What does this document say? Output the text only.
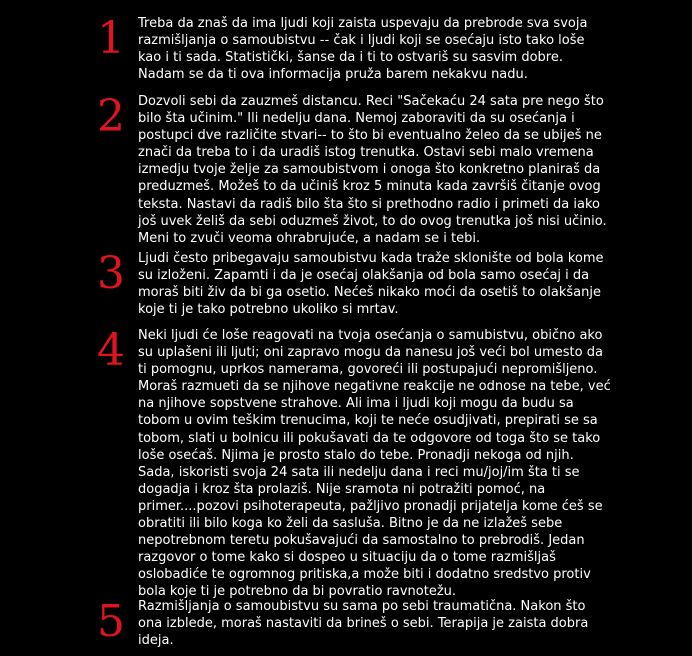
1	Treba da znaš da ima ljudi koji zaista uspevaju da prebrode sva svoja
razmišljanja o samoubistvu -- čak i ljudi koji se osećaju isto tako loše
kao i ti sada. Statistički, šanse da i ti to ostvariš su sasvim dobre.
Nadam se da ti ova informacija pruža barem nekakvu nadu.

2	Dozvoli sebi da zauzmeš distancu. Reci "Sačekaću 24 sata pre nego što
bilo šta učinim." Ili nedelju dana. Nemoj zaboraviti da su osećanja i
postupci dve različite stvari-- to što bi eventualno želeo da se ubiješ ne
znači da treba to i da uradiš istog trenutka. Ostavi sebi malo vremena
izmedju tvoje želje za samoubistvom i onoga što konkretno planiraš da
preduzmeš. Možeš to da učiniš kroz 5 minuta kada završiš čitanje ovog
teksta. Nastavi da radiš bilo šta što si prethodno radio i primeti da iako
još uvek želiš da sebi oduzmeš život, to do ovog trenutka još nisi učinio.
Meni to zvuči veoma ohrabrujuće, a nadam se i tebi.

3	Ljudi često pribegavaju samoubistvu kada traže sklonište od bola kome
su izloženi. Zapamti i da je osećaj olakšanja od bola samo osećaj i da
moraš biti živ da bi ga osetio. Nećeš nikako moći da osetiš to olakšanje
koje ti je tako potrebno ukoliko si mrtav.

4	Neki ljudi će loše reagovati na tvoja osećanja o samubistvu, obično ako
su uplašeni ili ljuti; oni zapravo mogu da nanesu još veći bol umesto da
ti pomognu, uprkos namerama, govoreći ili postupajući nepromišljeno.
Moraš razmueti da se njihove negativne reakcije ne odnose na tebe, već
na njihove sopstvene strahove. Ali ima i ljudi koji mogu da budu sa
tobom u ovim teškim trenucima, koji te neće osudjivati, prepirati se sa
tobom, slati u bolnicu ili pokušavati da te odgovore od toga što se tako
loše osećaš. Njima je prosto stalo do tebe. Pronadji nekoga od njih.
Sada, iskoristi svoja 24 sata ili nedelju dana i reci mu/joj/im šta ti se
dogadja i kroz šta prolaziš. Nije sramota ni potražiti pomoć, na
primer....pozovi psihoterapeuta, pažljivo pronadji prijatelja kome ćeš se
obratiti ili bilo koga ko želi da sasluša. Bitno je da ne izlažeš sebe
nepotrebnom teretu pokušavajući da samostalno to prebrodiš. Jedan
razgovor o tome kako si dospeo u situaciju da o tome razmišljaš
oslobadiće te ogromnog pritiska,a može biti i dodatno sredstvo protiv
bola koje ti je potrebno da bi povratio ravnotežu.

5	Razmišljanja o samoubistvu su sama po sebi traumatična. Nakon što
ona izblede, moraš nastaviti da brineš o sebi. Terapija je zaista dobra
ideja.
